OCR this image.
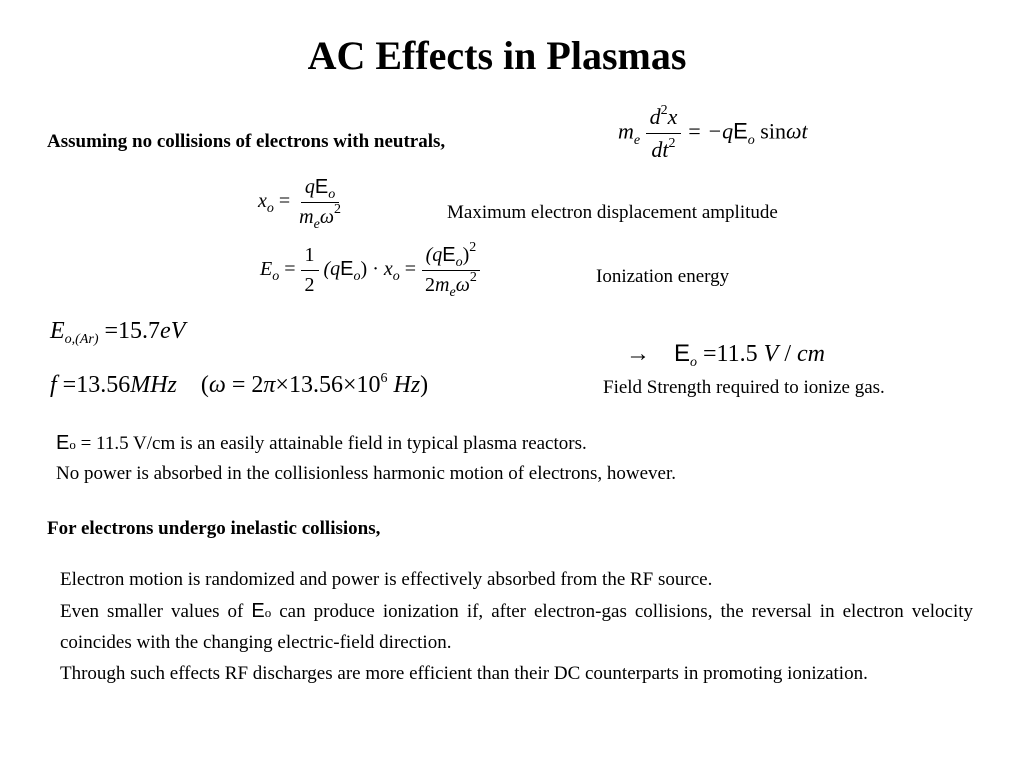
AC Effects in Plasmas
Assuming no collisions of electrons with neutrals,	$m_e \frac{d^2x}{dt^2} = -qE_o$ sinωt
$x_o = \frac{qE_o}{m_e\omega^2}$	Maximum electron displacement amplitude
$E_o = \frac{1}{2} (qE_o) \cdot x_o = \frac{(qE_o)^2}{2m_e\omega^2}$	Ionization energy
$E_{o,(Ar)} =15.7eV$
→ $E_o =11.5$ V / cm
f =13.56MHz ($\omega = 2\pi\times 13.56\times 10^6$ Hz)	Field Strength required to ionize gas.
Eo = 11.5 V/cm is an easily attainable field in typical plasma reactors.
No power is absorbed in the collisionless harmonic motion of electrons, however.
For electrons undergo inelastic collisions,

Electron motion is randomized and power is effectively absorbed from the RF source.

Even smaller values of Eo can produce ionization if, after electron-gas collisions, the reversal in electron velocity coincides with the changing electric-field direction.

Through such effects RF discharges are more efficient than their DC counterparts in promoting ionization.
